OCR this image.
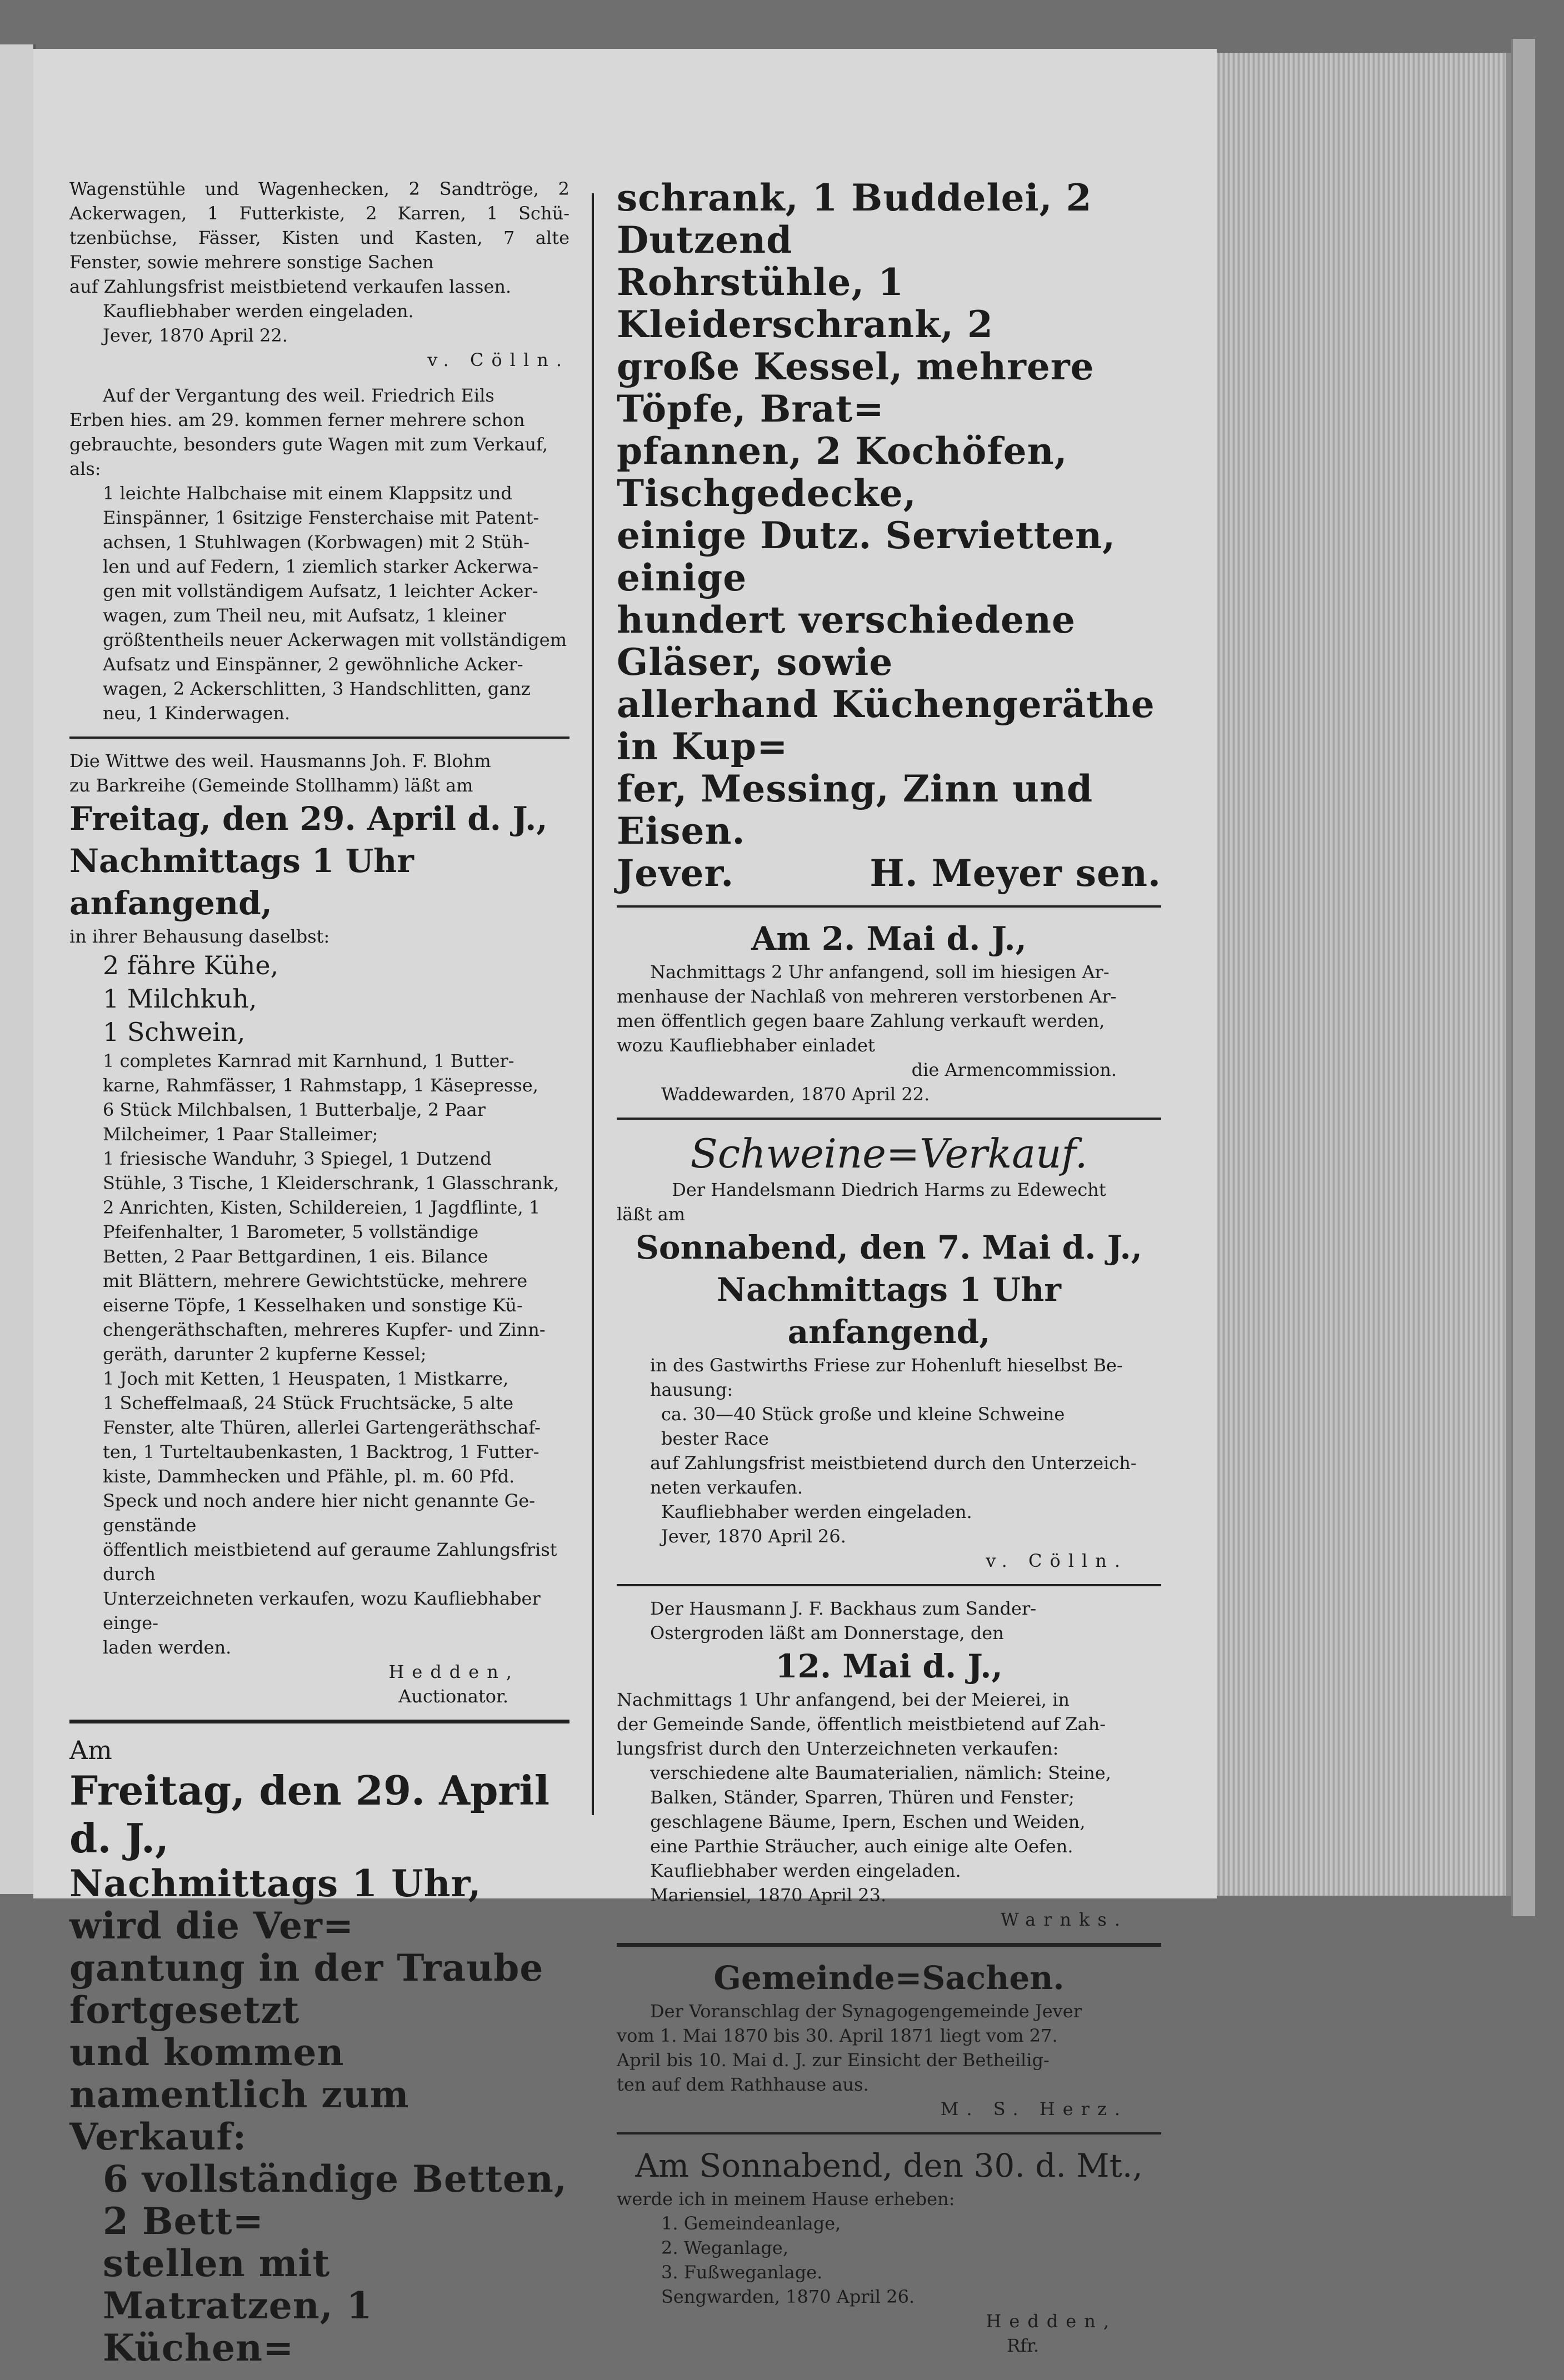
Wagenstühle und Wagenhecken, 2 Sandtröge, 2

Ackerwagen, 1 Futterkiste, 2 Karren, 1 Schü-

tzenbüchse, Fässer, Kisten und Kasten, 7 alte

Fenster, sowie mehrere sonstige Sachen

auf Zahlungsfrist meistbietend verkaufen lassen.

Kaufliebhaber werden eingeladen.

Jever, 1870 April 22.

v. Cölln.

Auf der Vergantung des weil. Friedrich Eils

Erben hies. am 29. kommen ferner mehrere schon

gebrauchte, besonders gute Wagen mit zum Verkauf,

als:

1 leichte Halbchaise mit einem Klappsitz und

Einspänner, 1 6sitzige Fensterchaise mit Patent-

achsen, 1 Stuhlwagen (Korbwagen) mit 2 Stüh-

len und auf Federn, 1 ziemlich starker Ackerwa-

gen mit vollständigem Aufsatz, 1 leichter Acker-

wagen, zum Theil neu, mit Aufsatz, 1 kleiner

größtentheils neuer Ackerwagen mit vollständigem

Aufsatz und Einspänner, 2 gewöhnliche Acker-

wagen, 2 Ackerschlitten, 3 Handschlitten, ganz

neu, 1 Kinderwagen.

Die Wittwe des weil. Hausmanns Joh. F. Blohm

zu Barkreihe (Gemeinde Stollhamm) läßt am

Freitag, den 29. April d. J.,

Nachmittags 1 Uhr anfangend,

in ihrer Behausung daselbst:

2 fähre Kühe,

1 Milchkuh,

1 Schwein,

1 completes Karnrad mit Karnhund, 1 Butter-

karne, Rahmfässer, 1 Rahmstapp, 1 Käsepresse,

6 Stück Milchbalsen, 1 Butterbalje, 2 Paar

Milcheimer, 1 Paar Stalleimer;

1 friesische Wanduhr, 3 Spiegel, 1 Dutzend

Stühle, 3 Tische, 1 Kleiderschrank, 1 Glasschrank,

2 Anrichten, Kisten, Schildereien, 1 Jagdflinte, 1

Pfeifenhalter, 1 Barometer, 5 vollständige

Betten, 2 Paar Bettgardinen, 1 eis. Bilance

mit Blättern, mehrere Gewichtstücke, mehrere

eiserne Töpfe, 1 Kesselhaken und sonstige Kü-

chengeräthschaften, mehreres Kupfer- und Zinn-

geräth, darunter 2 kupferne Kessel;

1 Joch mit Ketten, 1 Heuspaten, 1 Mistkarre,

1 Scheffelmaaß, 24 Stück Fruchtsäcke, 5 alte

Fenster, alte Thüren, allerlei Gartengeräthschaf-

ten, 1 Turteltaubenkasten, 1 Backtrog, 1 Futter-

kiste, Dammhecken und Pfähle, pl. m. 60 Pfd.

Speck und noch andere hier nicht genannte Ge-

genstände

öffentlich meistbietend auf geraume Zahlungsfrist durch

Unterzeichneten verkaufen, wozu Kaufliebhaber einge-

laden werden.

Hedden,

Auctionator.

Am

Freitag, den 29. April d. J.,

Nachmittags 1 Uhr, wird die Ver=

gantung in der Traube fortgesetzt

und kommen namentlich zum Verkauf:

6 vollständige Betten, 2 Bett=

stellen mit Matratzen, 1 Küchen=

schrank, 1 Buddelei, 2 Dutzend

Rohrstühle, 1 Kleiderschrank, 2

große Kessel, mehrere Töpfe, Brat=

pfannen, 2 Kochöfen, Tischgedecke,

einige Dutz. Servietten, einige

hundert verschiedene Gläser, sowie

allerhand Küchengeräthe in Kup=

fer, Messing, Zinn und Eisen.

Jever.	H. Meyer sen.

Am 2. Mai d. J.,

Nachmittags 2 Uhr anfangend, soll im hiesigen Ar-

menhause der Nachlaß von mehreren verstorbenen Ar-

men öffentlich gegen baare Zahlung verkauft werden,

wozu Kaufliebhaber einladet

die Armencommission.

Waddewarden, 1870 April 22.

Schweine=Verkauf.

Der Handelsmann Diedrich Harms zu Edewecht

läßt am

Sonnabend, den 7. Mai d. J.,

Nachmittags 1 Uhr anfangend,

in des Gastwirths Friese zur Hohenluft hieselbst Be-

hausung:

ca. 30—40 Stück große und kleine Schweine

bester Race

auf Zahlungsfrist meistbietend durch den Unterzeich-

neten verkaufen.

Kaufliebhaber werden eingeladen.

Jever, 1870 April 26.

v. Cölln.

Der Hausmann J. F. Backhaus zum Sander-

Ostergroden läßt am Donnerstage, den

12. Mai d. J.,

Nachmittags 1 Uhr anfangend, bei der Meierei, in

der Gemeinde Sande, öffentlich meistbietend auf Zah-

lungsfrist durch den Unterzeichneten verkaufen:

verschiedene alte Baumaterialien, nämlich: Steine,

Balken, Ständer, Sparren, Thüren und Fenster;

geschlagene Bäume, Ipern, Eschen und Weiden,

eine Parthie Sträucher, auch einige alte Oefen.

Kaufliebhaber werden eingeladen.

Mariensiel, 1870 April 23.

Warnks.

Gemeinde=Sachen.

Der Voranschlag der Synagogengemeinde Jever

vom 1. Mai 1870 bis 30. April 1871 liegt vom 27.

April bis 10. Mai d. J. zur Einsicht der Betheilig-

ten auf dem Rathhause aus.

M. S. Herz.

Am Sonnabend, den 30. d. Mt.,

werde ich in meinem Hause erheben:

1. Gemeindeanlage,

2. Weganlage,

3. Fußweganlage.

Sengwarden, 1870 April 26.

Hedden,

Rfr.
